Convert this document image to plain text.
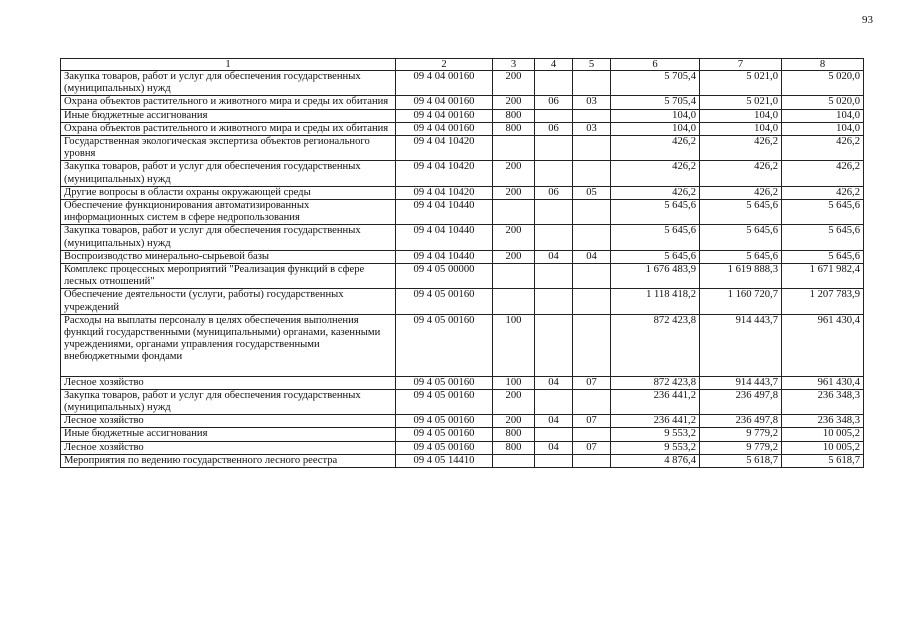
93
1	2	3	4	5	6	7	8
Закупка товаров, работ и услуг для обеспечения государственных (муниципальных) нужд	09 4 04 00160	200			5 705,4	5 021,0	5 020,0
Охрана объектов растительного и животного мира и среды их обитания	09 4 04 00160	200	06	03	5 705,4	5 021,0	5 020,0
Иные бюджетные ассигнования	09 4 04 00160	800			104,0	104,0	104,0
Охрана объектов растительного и животного мира и среды их обитания	09 4 04 00160	800	06	03	104,0	104,0	104,0
Государственная экологическая экспертиза объектов регионального уровня	09 4 04 10420				426,2	426,2	426,2
Закупка товаров, работ и услуг для обеспечения государственных (муниципальных) нужд	09 4 04 10420	200			426,2	426,2	426,2
Другие вопросы в области охраны окружающей среды	09 4 04 10420	200	06	05	426,2	426,2	426,2
Обеспечение функционирования автоматизированных информационных систем в сфере недропользования	09 4 04 10440				5 645,6	5 645,6	5 645,6
Закупка товаров, работ и услуг для обеспечения государственных (муниципальных) нужд	09 4 04 10440	200			5 645,6	5 645,6	5 645,6
Воспроизводство минерально-сырьевой базы	09 4 04 10440	200	04	04	5 645,6	5 645,6	5 645,6
Комплекс процессных мероприятий "Реализация функций в сфере лесных отношений"	09 4 05 00000				1 676 483,9	1 619 888,3	1 671 982,4
Обеспечение деятельности (услуги, работы) государственных учреждений	09 4 05 00160				1 118 418,2	1 160 720,7	1 207 783,9
Расходы на выплаты персоналу в целях обеспечения выполнения функций государственными (муниципальными) органами, казенными учреждениями, органами управления государственными внебюджетными фондами	09 4 05 00160	100			872 423,8	914 443,7	961 430,4
Лесное хозяйство	09 4 05 00160	100	04	07	872 423,8	914 443,7	961 430,4
Закупка товаров, работ и услуг для обеспечения государственных (муниципальных) нужд	09 4 05 00160	200			236 441,2	236 497,8	236 348,3
Лесное хозяйство	09 4 05 00160	200	04	07	236 441,2	236 497,8	236 348,3
Иные бюджетные ассигнования	09 4 05 00160	800			9 553,2	9 779,2	10 005,2
Лесное хозяйство	09 4 05 00160	800	04	07	9 553,2	9 779,2	10 005,2
Мероприятия по ведению государственного лесного реестра	09 4 05 14410				4 876,4	5 618,7	5 618,7
